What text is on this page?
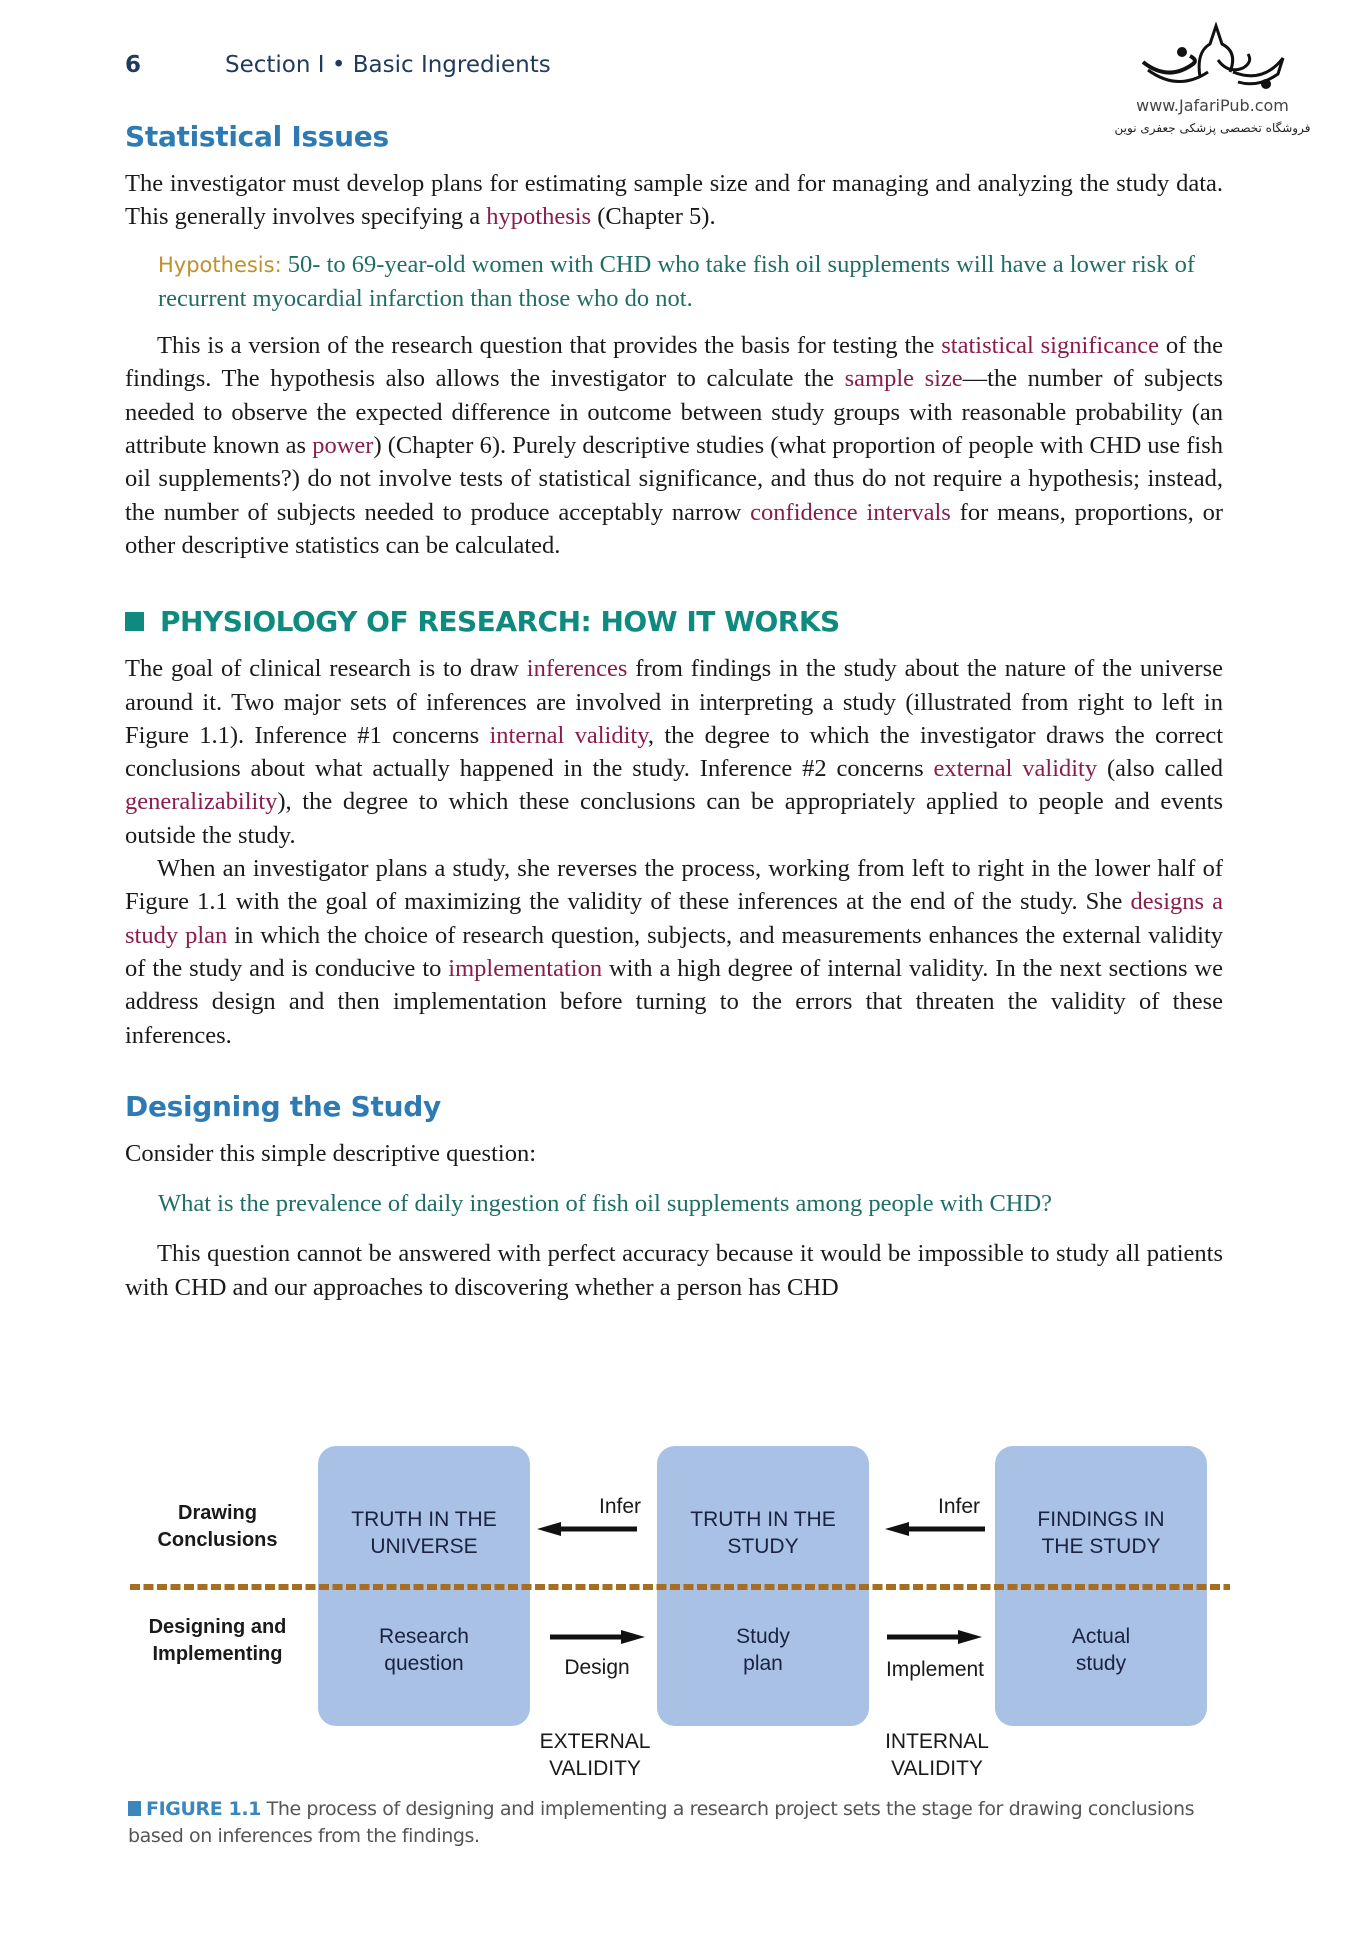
6	Section I • Basic Ingredients
www.JafariPub.com
فروشگاه تخصصی پزشکی جعفری نوین
Statistical Issues

The investigator must develop plans for estimating sample size and for managing and analyzing the study data. This generally involves specifying a hypothesis (Chapter 5).

Hypothesis: 50- to 69-year-old women with CHD who take fish oil supplements will have a lower risk of recurrent myocardial infarction than those who do not.

This is a version of the research question that provides the basis for testing the statistical significance of the findings. The hypothesis also allows the investigator to calculate the sample size—the number of subjects needed to observe the expected difference in outcome between study groups with reasonable probability (an attribute known as power) (Chapter 6). Purely descriptive studies (what proportion of people with CHD use fish oil supplements?) do not involve tests of statistical significance, and thus do not require a hypothesis; instead, the number of subjects needed to produce acceptably narrow confidence intervals for means, proportions, or other descriptive statistics can be calculated.

PHYSIOLOGY OF RESEARCH: HOW IT WORKS

The goal of clinical research is to draw inferences from findings in the study about the nature of the universe around it. Two major sets of inferences are involved in interpreting a study (illustrated from right to left in Figure 1.1). Inference #1 concerns internal validity, the degree to which the investigator draws the correct conclusions about what actually happened in the study. Inference #2 concerns external validity (also called generalizability), the degree to which these conclusions can be appropriately applied to people and events outside the study.

When an investigator plans a study, she reverses the process, working from left to right in the lower half of Figure 1.1 with the goal of maximizing the validity of these inferences at the end of the study. She designs a study plan in which the choice of research question, subjects, and measurements enhances the external validity of the study and is conducive to implementation with a high degree of internal validity. In the next sections we address design and then implementation before turning to the errors that threaten the validity of these inferences.

Designing the Study

Consider this simple descriptive question:

What is the prevalence of daily ingestion of fish oil supplements among people with CHD?

This question cannot be answered with perfect accuracy because it would be impossible to study all patients with CHD and our approaches to discovering whether a person has CHD

Drawing
Conclusions
Designing and
Implementing
TRUTH IN THE
UNIVERSE
Research
question
TRUTH IN THE
STUDY
Study
plan
FINDINGS IN
THE STUDY
Actual
study
Infer	Infer
Design	Implement
EXTERNAL
VALIDITY
INTERNAL
VALIDITY
FIGURE 1.1 The process of designing and implementing a research project sets the stage for drawing conclusions based on inferences from the findings.
